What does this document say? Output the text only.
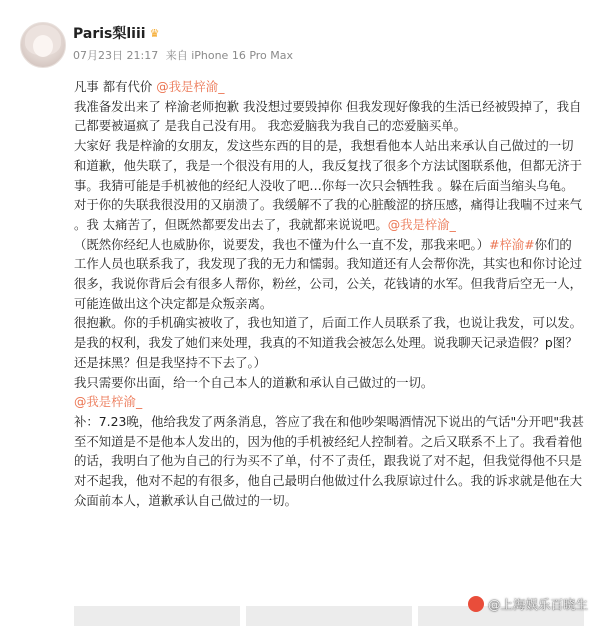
Paris梨liii ♛
07月23日 21:17 来自 iPhone 16 Pro Max

凡事 都有代价 @我是梓渝_

我准备发出来了 梓渝老师抱歉 我没想过要毁掉你 但我发现好像我的生活已经被毁掉了，我自己都要被逼疯了 是我自己没有用。 我恋爱脑我为我自己的恋爱脑买单。

大家好 我是梓渝的女朋友，发这些东西的目的是，我想看他本人站出来承认自己做过的一切和道歉，他失联了，我是一个很没有用的人，我反复找了很多个方法试图联系他，但都无济于事。我猜可能是手机被他的经纪人没收了吧…你每一次只会牺牲我 。躲在后面当缩头乌龟。对于你的失联我很没用的又崩溃了。我缓解不了我的心脏酸涩的挤压感，痛得让我喘不过来气 。我 太痛苦了，但既然都要发出去了，我就都来说说吧。@我是梓渝_

（既然你经纪人也威胁你，说要发，我也不懂为什么一直不发，那我来吧。）#梓渝#你们的工作人员也联系我了，我发现了我的无力和懦弱。我知道还有人会帮你洗，其实也和你讨论过很多，我说你背后会有很多人帮你，粉丝，公司，公关，花钱请的水军。但我背后空无一人，可能连做出这个决定都是众叛亲离。

很抱歉。你的手机确实被收了，我也知道了，后面工作人员联系了我，也说让我发，可以发。是我的权利，我发了她们来处理，我真的不知道我会被怎么处理。说我聊天记录造假？p图？还是抹黑？但是我坚持不下去了。）

我只需要你出面，给一个自己本人的道歉和承认自己做过的一切。

@我是梓渝_

补：7.23晚，他给我发了两条消息，答应了我在和他吵架喝酒情况下说出的气话"分开吧"我甚至不知道是不是他本人发出的，因为他的手机被经纪人控制着。之后又联系不上了。我看着他的话，我明白了他为自己的行为买不了单，付不了责任，跟我说了对不起，但我觉得他不只是对不起我，他对不起的有很多，他自己最明白他做过什么我原谅过什么。我的诉求就是他在大众面前本人，道歉承认自己做过的一切。

@上海娱乐百晓生
